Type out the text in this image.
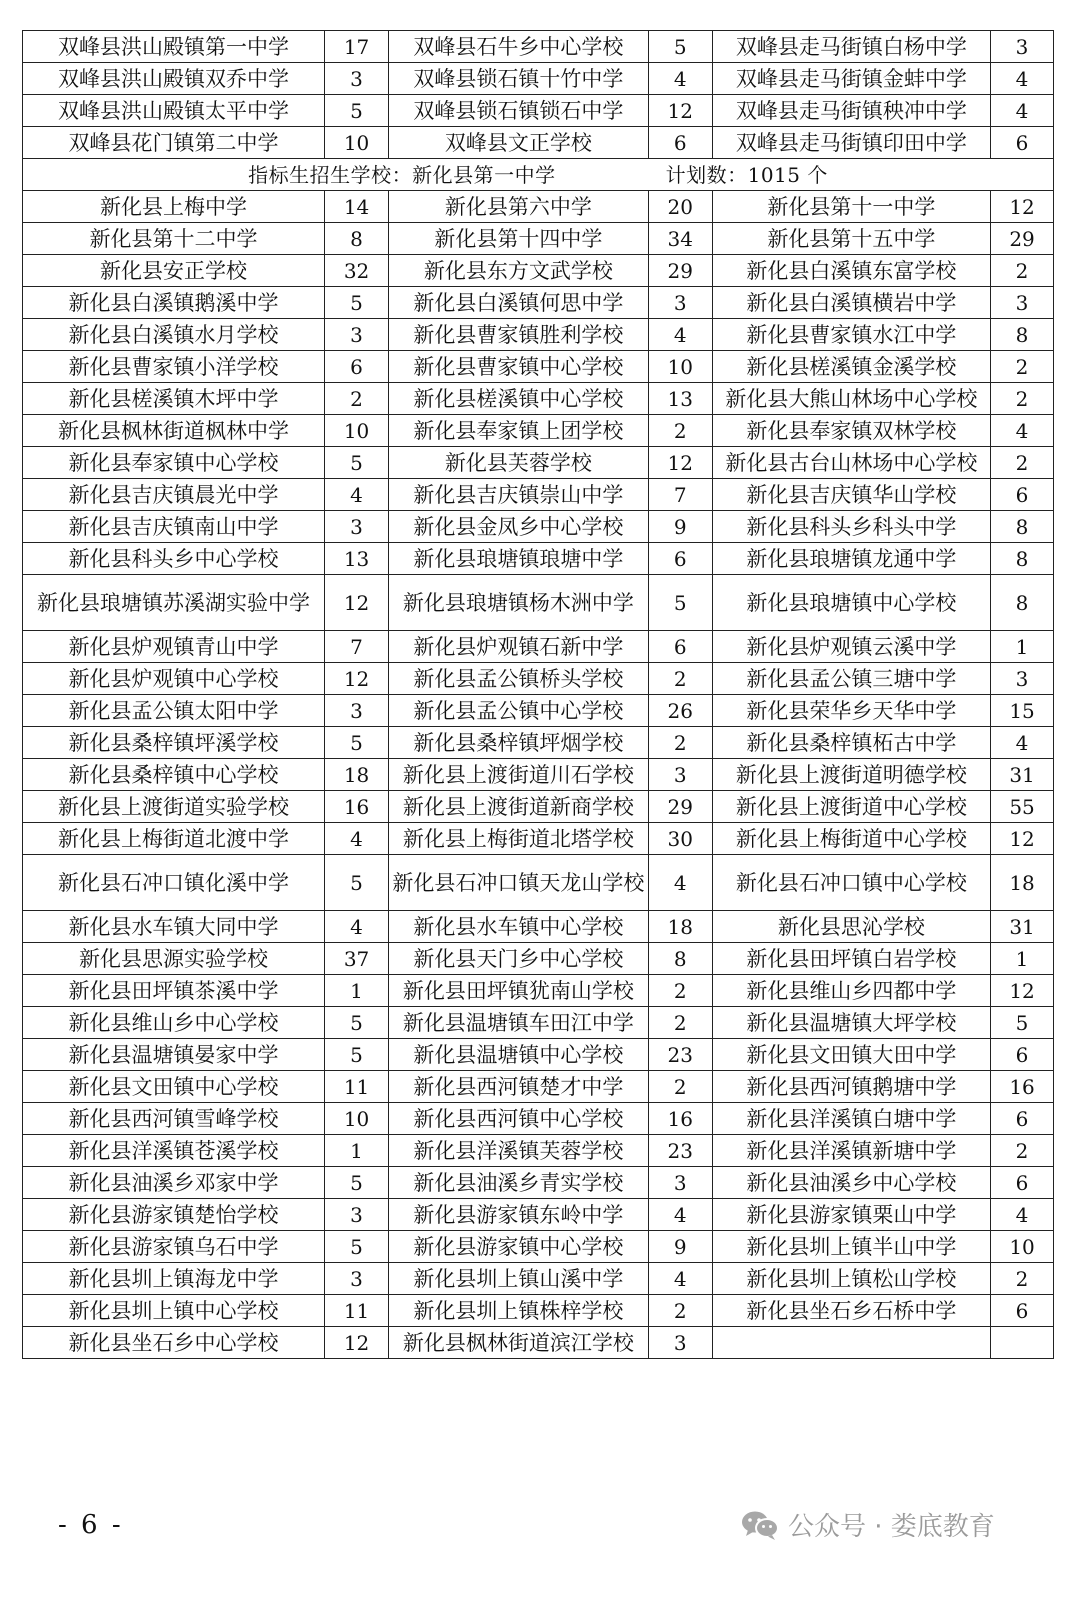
双峰县洪山殿镇第一中学	17	双峰县石牛乡中心学校	5	双峰县走马街镇白杨中学	3
双峰县洪山殿镇双乔中学	3	双峰县锁石镇十竹中学	4	双峰县走马街镇金蚌中学	4
双峰县洪山殿镇太平中学	5	双峰县锁石镇锁石中学	12	双峰县走马街镇秧冲中学	4
双峰县花门镇第二中学	10	双峰县文正学校	6	双峰县走马街镇印田中学	6
指标生招生学校：新化县第一中学 计划数：1015 个					
新化县上梅中学	14	新化县第六中学	20	新化县第十一中学	12
新化县第十二中学	8	新化县第十四中学	34	新化县第十五中学	29
新化县安正学校	32	新化县东方文武学校	29	新化县白溪镇东富学校	2
新化县白溪镇鹅溪中学	5	新化县白溪镇何思中学	3	新化县白溪镇横岩中学	3
新化县白溪镇水月学校	3	新化县曹家镇胜利学校	4	新化县曹家镇水江中学	8
新化县曹家镇小洋学校	6	新化县曹家镇中心学校	10	新化县槎溪镇金溪学校	2
新化县槎溪镇木坪中学	2	新化县槎溪镇中心学校	13	新化县大熊山林场中心学校	2
新化县枫林街道枫林中学	10	新化县奉家镇上团学校	2	新化县奉家镇双林学校	4
新化县奉家镇中心学校	5	新化县芙蓉学校	12	新化县古台山林场中心学校	2
新化县吉庆镇晨光中学	4	新化县吉庆镇崇山中学	7	新化县吉庆镇华山学校	6
新化县吉庆镇南山中学	3	新化县金凤乡中心学校	9	新化县科头乡科头中学	8
新化县科头乡中心学校	13	新化县琅塘镇琅塘中学	6	新化县琅塘镇龙通中学	8
新化县琅塘镇苏溪湖实验中学	12	新化县琅塘镇杨木洲中学	5	新化县琅塘镇中心学校	8
新化县炉观镇青山中学	7	新化县炉观镇石新中学	6	新化县炉观镇云溪中学	1
新化县炉观镇中心学校	12	新化县孟公镇桥头学校	2	新化县孟公镇三塘中学	3
新化县孟公镇太阳中学	3	新化县孟公镇中心学校	26	新化县荣华乡天华中学	15
新化县桑梓镇坪溪学校	5	新化县桑梓镇坪烟学校	2	新化县桑梓镇柘古中学	4
新化县桑梓镇中心学校	18	新化县上渡街道川石学校	3	新化县上渡街道明德学校	31
新化县上渡街道实验学校	16	新化县上渡街道新商学校	29	新化县上渡街道中心学校	55
新化县上梅街道北渡中学	4	新化县上梅街道北塔学校	30	新化县上梅街道中心学校	12
新化县石冲口镇化溪中学	5	新化县石冲口镇天龙山学校	4	新化县石冲口镇中心学校	18
新化县水车镇大同中学	4	新化县水车镇中心学校	18	新化县思沁学校	31
新化县思源实验学校	37	新化县天门乡中心学校	8	新化县田坪镇白岩学校	1
新化县田坪镇茶溪中学	1	新化县田坪镇犹南山学校	2	新化县维山乡四都中学	12
新化县维山乡中心学校	5	新化县温塘镇车田江中学	2	新化县温塘镇大坪学校	5
新化县温塘镇晏家中学	5	新化县温塘镇中心学校	23	新化县文田镇大田中学	6
新化县文田镇中心学校	11	新化县西河镇楚才中学	2	新化县西河镇鹅塘中学	16
新化县西河镇雪峰学校	10	新化县西河镇中心学校	16	新化县洋溪镇白塘中学	6
新化县洋溪镇苍溪学校	1	新化县洋溪镇芙蓉学校	23	新化县洋溪镇新塘中学	2
新化县油溪乡邓家中学	5	新化县油溪乡青实学校	3	新化县油溪乡中心学校	6
新化县游家镇楚怡学校	3	新化县游家镇东岭中学	4	新化县游家镇栗山中学	4
新化县游家镇乌石中学	5	新化县游家镇中心学校	9	新化县圳上镇半山中学	10
新化县圳上镇海龙中学	3	新化县圳上镇山溪中学	4	新化县圳上镇松山学校	2
新化县圳上镇中心学校	11	新化县圳上镇株梓学校	2	新化县坐石乡石桥中学	6
新化县坐石乡中心学校	12	新化县枫林街道滨江学校	3		
- 6 -	公众号 · 娄底教育
